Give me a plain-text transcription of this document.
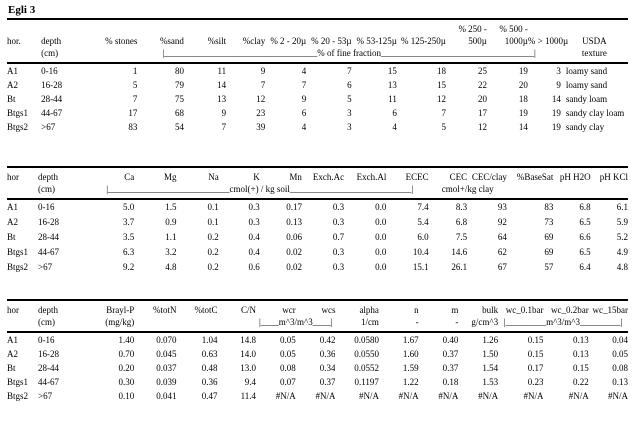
Egli 3
										% 250 -	% 500 -		
hor.	depth	% stones	%sand	%silt	%clay	% 2 - 20µ	% 20 - 53µ	% 53-125µ	% 125-250µ	500µ	1000µ	% > 1000µ	USDA
	(cm)		|__________________________________% of fine fraction__________________________________|										texture
A1	0-16	1	80	11	9	4	7	15	18	25	19	3	loamy sand
A2	16-28	5	79	14	7	7	6	13	15	22	20	9	loamy sand
Bt	28-44	7	75	13	12	9	5	11	12	20	18	14	sandy loam
Btgs1	44-67	17	68	9	23	6	3	6	7	17	19	19	sandy clay loam
Btgs2	>67	83	54	7	39	4	3	4	5	12	14	19	sandy clay
hor	depth	Ca	Mg	Na	K	Mn	Exch.Ac	Exch.Al	ECEC	CEC	CEC/clay	%BaseSat	pH H2O	pH KCl
	(cm)	|___________________________cmol(+) / kg soil___________________________|								cmol+/kg clay				
A1	0-16	5.0	1.5	0.1	0.3	0.17	0.3	0.0	7.4	8.3	93	83	6.8	6.1
A2	16-28	3.7	0.9	0.1	0.3	0.13	0.3	0.0	5.4	6.8	92	73	6.5	5.9
Bt	28-44	3.5	1.1	0.2	0.4	0.06	0.7	0.0	6.0	7.5	64	69	6.6	5.2
Btgs1	44-67	6.3	3.2	0.2	0.4	0.02	0.3	0.0	10.4	14.6	62	69	6.5	4.9
Btgs2	>67	9.2	4.8	0.2	0.6	0.02	0.3	0.0	15.1	26.1	67	57	6.4	4.8
hor	depth	Brayl-P	%totN	%totC	C/N	wcr	wcs	alpha	n	m	bulk	wc_0.1bar	wc_0.2bar	wc_15bar
	(cm)	(mg/kg)				|____m^3/m^3____|		1/cm	-	-	g/cm^3	|_________m^3/m^3_________|		
A1	0-16	1.40	0.070	1.04	14.8	0.05	0.42	0.0580	1.67	0.40	1.26	0.15	0.13	0.04
A2	16-28	0.70	0.045	0.63	14.0	0.05	0.36	0.0550	1.60	0.37	1.50	0.15	0.13	0.05
Bt	28-44	0.20	0.037	0.48	13.0	0.08	0.34	0.0552	1.59	0.37	1.54	0.17	0.15	0.08
Btgs1	44-67	0.30	0.039	0.36	9.4	0.07	0.37	0.1197	1.22	0.18	1.53	0.23	0.22	0.13
Btgs2	>67	0.10	0.041	0.47	11.4	#N/A	#N/A	#N/A	#N/A	#N/A	#N/A	#N/A	#N/A	#N/A
